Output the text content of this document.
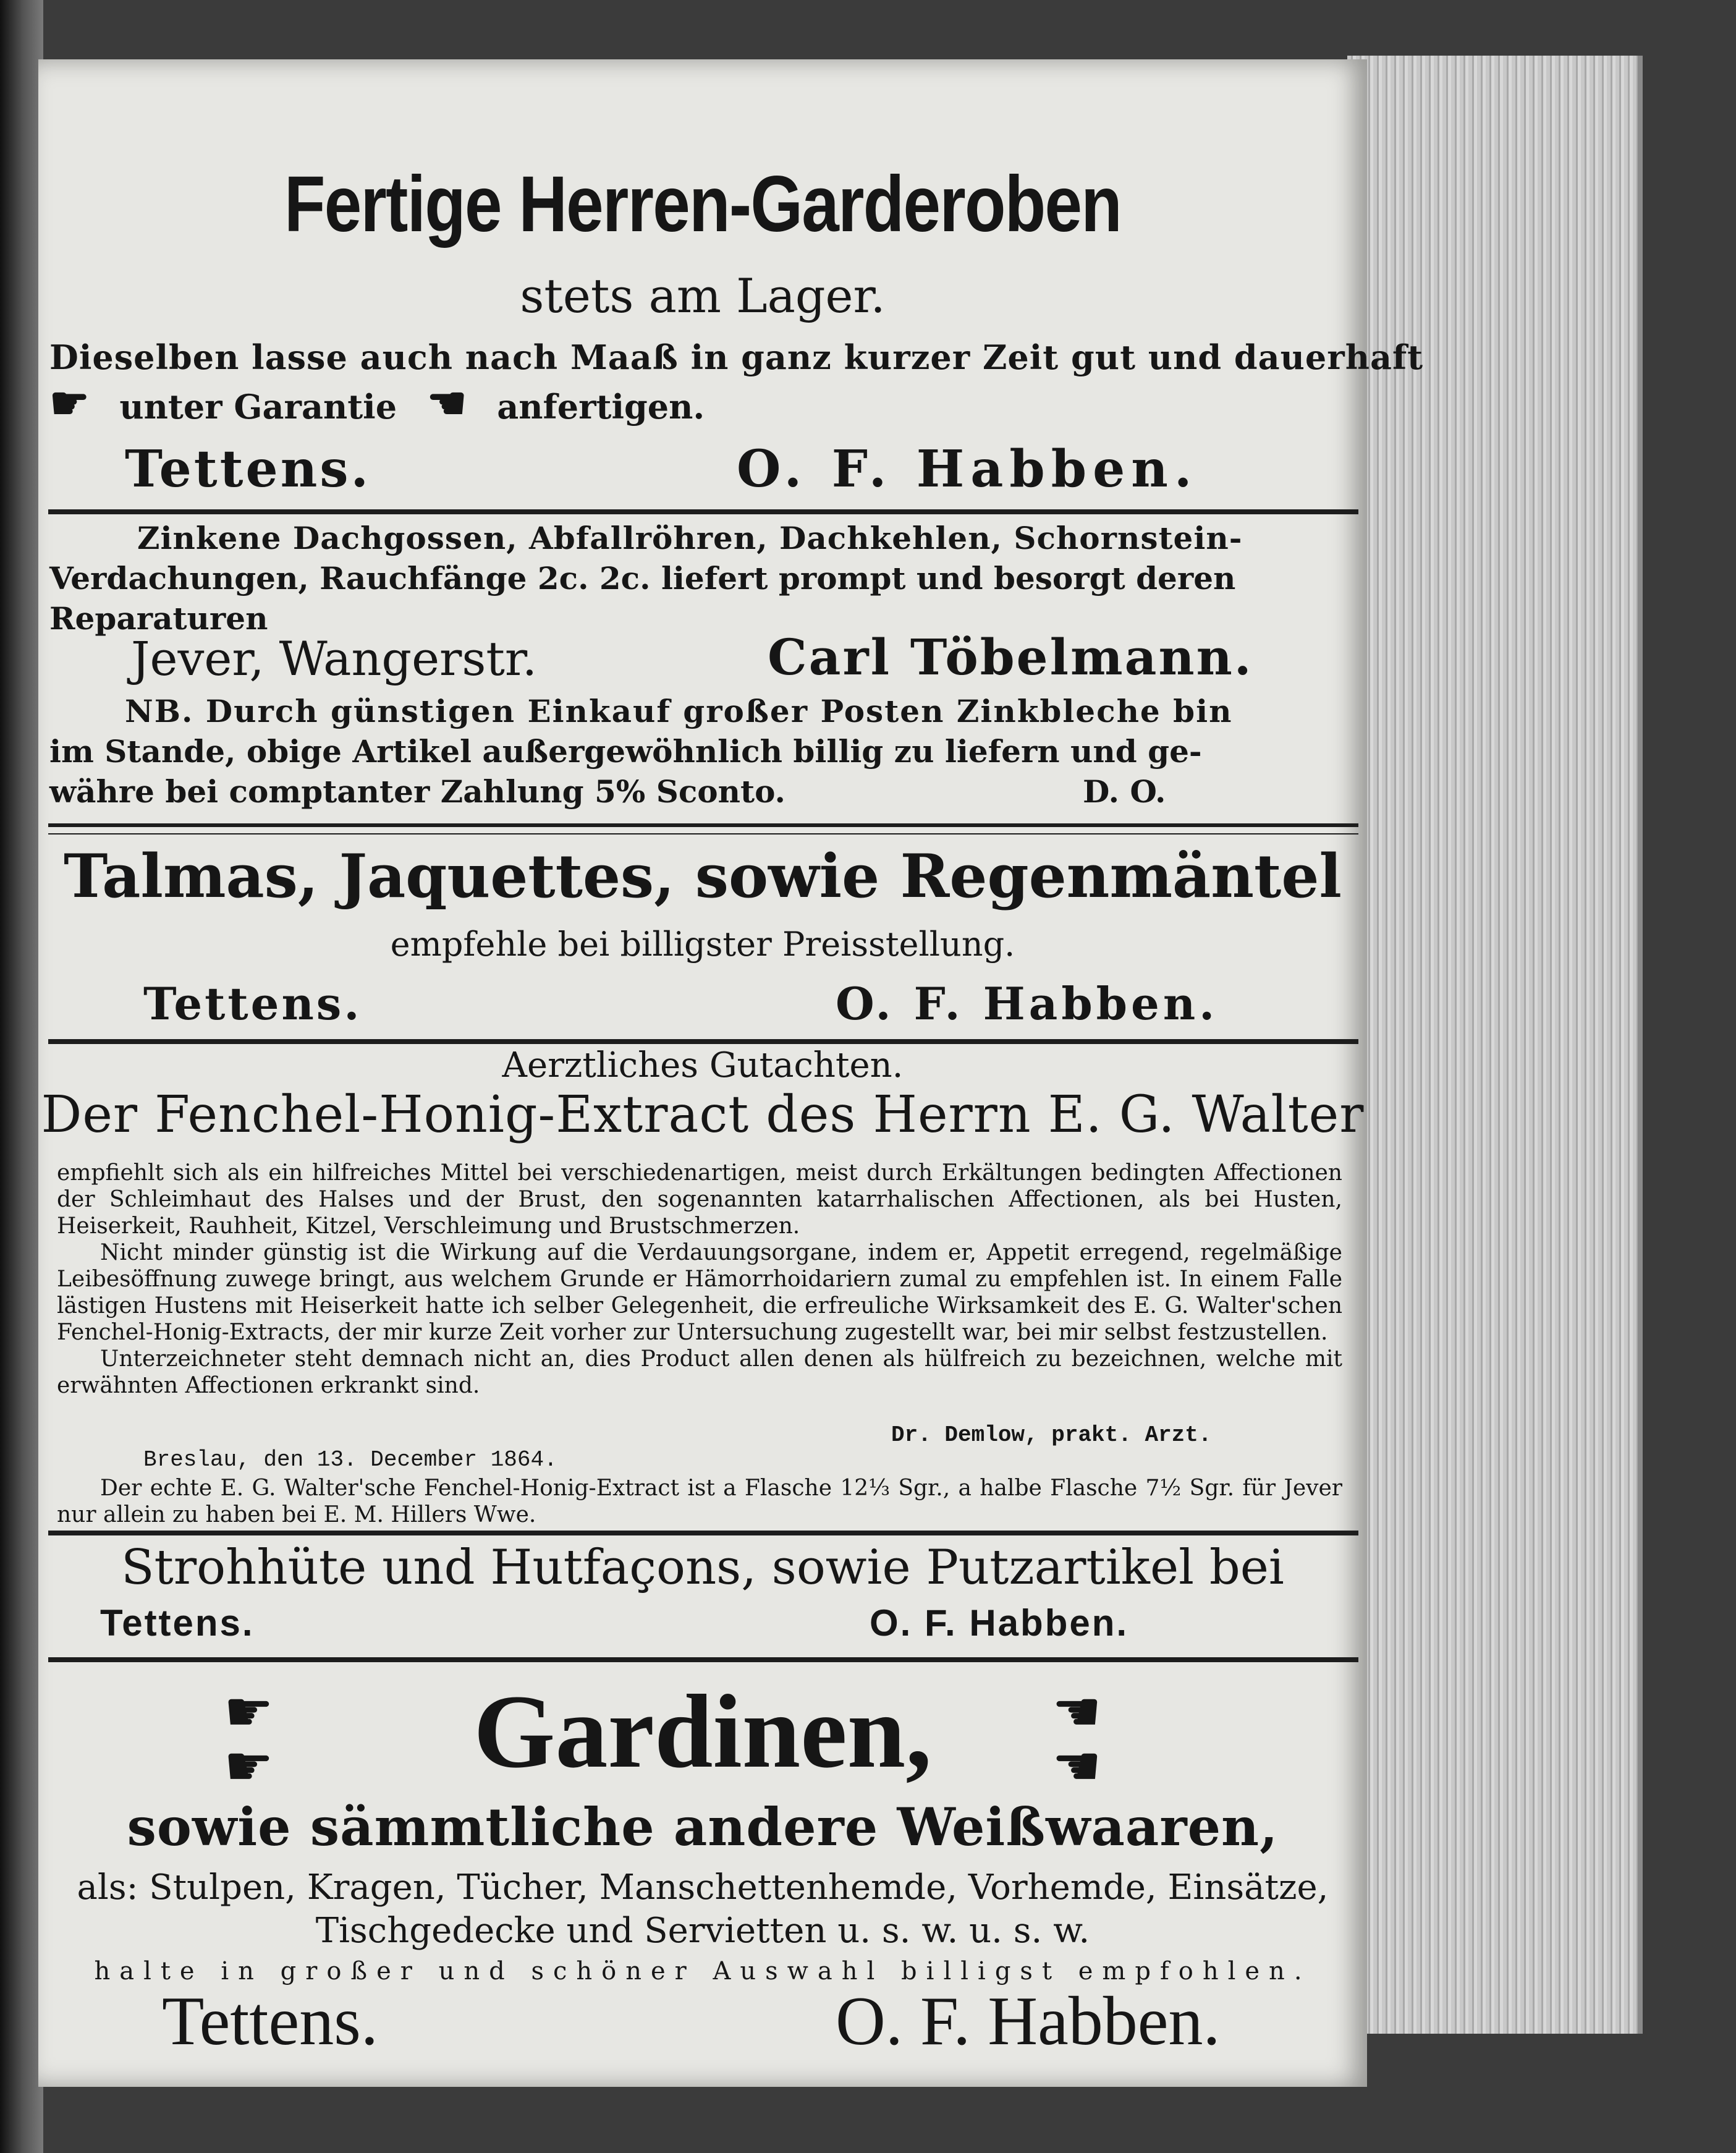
Fertige Herren-Garderoben
stets am Lager.
Dieselben lasse auch nach Maaß in ganz kurzer Zeit gut und dauerhaft
☛ unter Garantie ☚ anfertigen.
Tettens.	O. F. Habben.
Zinkene Dachgossen, Abfallröhren, Dachkehlen, Schornstein-
Verdachungen, Rauchfänge 2c. 2c. liefert prompt und besorgt deren
Reparaturen
Jever, Wangerstr.	Carl Töbelmann.
NB. Durch günstigen Einkauf großer Posten Zinkbleche bin
im Stande, obige Artikel außergewöhnlich billig zu liefern und ge-
währe bei comptanter Zahlung 5% Sconto.	D. O.
Talmas, Jaquettes, sowie Regenmäntel
empfehle bei billigster Preisstellung.
Tettens.	O. F. Habben.
Aerztliches Gutachten.
Der Fenchel-Honig-Extract des Herrn E. G. Walter

empfiehlt sich als ein hilfreiches Mittel bei verschiedenartigen, meist durch Erkältungen bedingten Affectionen der Schleimhaut des Halses und der Brust, den sogenannten katarrhalischen Affectionen, als bei Husten, Heiserkeit, Rauhheit, Kitzel, Verschleimung und Brustschmerzen.

Nicht minder günstig ist die Wirkung auf die Verdauungsorgane, indem er, Appetit erregend, regelmäßige Leibesöffnung zuwege bringt, aus welchem Grunde er Hämorrhoidariern zumal zu empfehlen ist. In einem Falle lästigen Hustens mit Heiserkeit hatte ich selber Gelegenheit, die erfreuliche Wirksamkeit des E. G. Walter'schen Fenchel-Honig-Extracts, der mir kurze Zeit vorher zur Untersuchung zugestellt war, bei mir selbst festzustellen.

Unterzeichneter steht demnach nicht an, dies Product allen denen als hülfreich zu bezeichnen, welche mit erwähnten Affectionen erkrankt sind.

Dr. Demlow, prakt. Arzt.
Breslau, den 13. December 1864.

Der echte E. G. Walter'sche Fenchel-Honig-Extract ist a Flasche 12⅓ Sgr., a halbe Flasche 7½ Sgr. für Jever nur allein zu haben bei E. M. Hillers Wwe.

Strohhüte und Hutfaçons, sowie Putzartikel bei
Tettens.	O. F. Habben.
☛
☛	Gardinen,	☚
☚
sowie sämmtliche andere Weißwaaren,
als: Stulpen, Kragen, Tücher, Manschettenhemde, Vorhemde, Einsätze,
Tischgedecke und Servietten u. s. w. u. s. w.
halte in großer und schöner Auswahl billigst empfohlen.
Tettens.	O. F. Habben.
